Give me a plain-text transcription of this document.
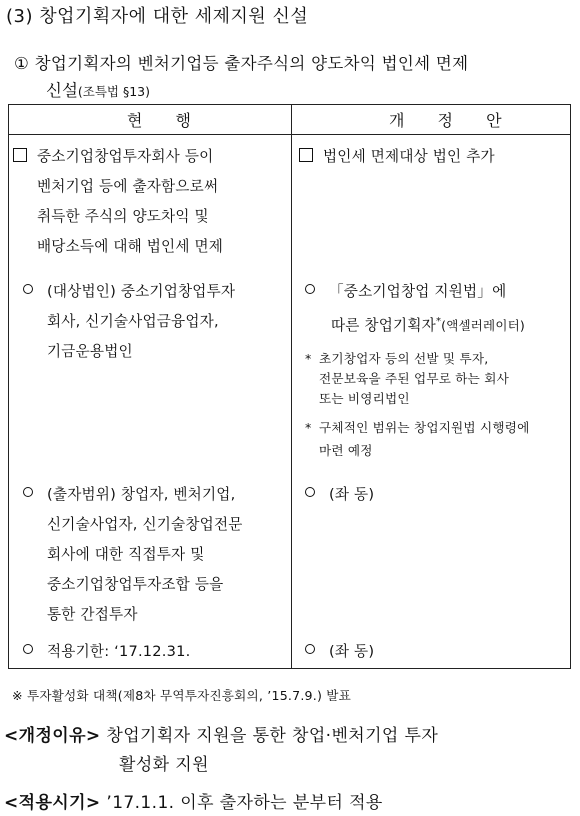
(3) 창업기획자에 대한 세제지원 신설
① 창업기획자의 벤처기업등 출자주식의 양도차익 법인세 면제
신설(조특법 §13)
현 행	개 정 안
중소기업창업투자회사 등이
벤처기업 등에 출자함으로써
취득한 주식의 양도차익 및
배당소득에 대해 법인세 면제
(대상법인) 중소기업창업투자
회사, 신기술사업금융업자,
기금운용법인
(출자범위) 창업자, 벤처기업,
신기술사업자, 신기술창업전문
회사에 대한 직접투자 및
중소기업창업투자조합 등을
통한 간접투자
적용기한: ‘17.12.31.
법인세 면제대상 법인 추가
「중소기업창업 지원법」에
따른 창업기획자*(액셀러레이터)
* 초기창업자 등의 선발 및 투자,
전문보육을 주된 업무로 하는 회사
또는 비영리법인
* 구체적인 범위는 창업지원법 시행령에
마련 예정
(좌 동)
(좌 동)
※ 투자활성화 대책(제8차 무역투자진흥회의, ’15.7.9.) 발표
<개정이유> 창업기획자 지원을 통한 창업·벤처기업 투자
활성화 지원
<적용시기> ’17.1.1. 이후 출자하는 분부터 적용
